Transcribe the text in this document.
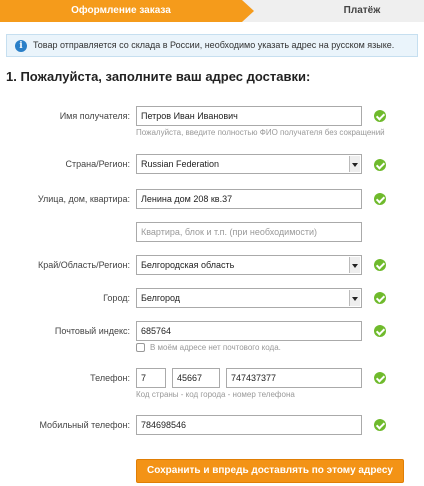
Оформление заказа	Платёж
i	Товар отправляется со склада в России, необходимо указать адрес на русском языке.
1. Пожалуйста, заполните ваш адрес доставки:
Имя получателя:	Петров Иван Иванович
Пожалуйста, введите полностью ФИО получателя без сокращений
Страна/Регион:	Russian Federation
Улица, дом, квартира:	Ленина дом 208 кв.37
Квартира, блок и т.п. (при необходимости)
Край/Область/Регион:	Белгородская область
Город:	Белгород
Почтовый индекс:	685764
В моём адресе нет почтового кода.
Телефон:	7	45667	747437377
Код страны - код города - номер телефона
Мобильный телефон:	784698546
Сохранить и впредь доставлять по этому адресу
